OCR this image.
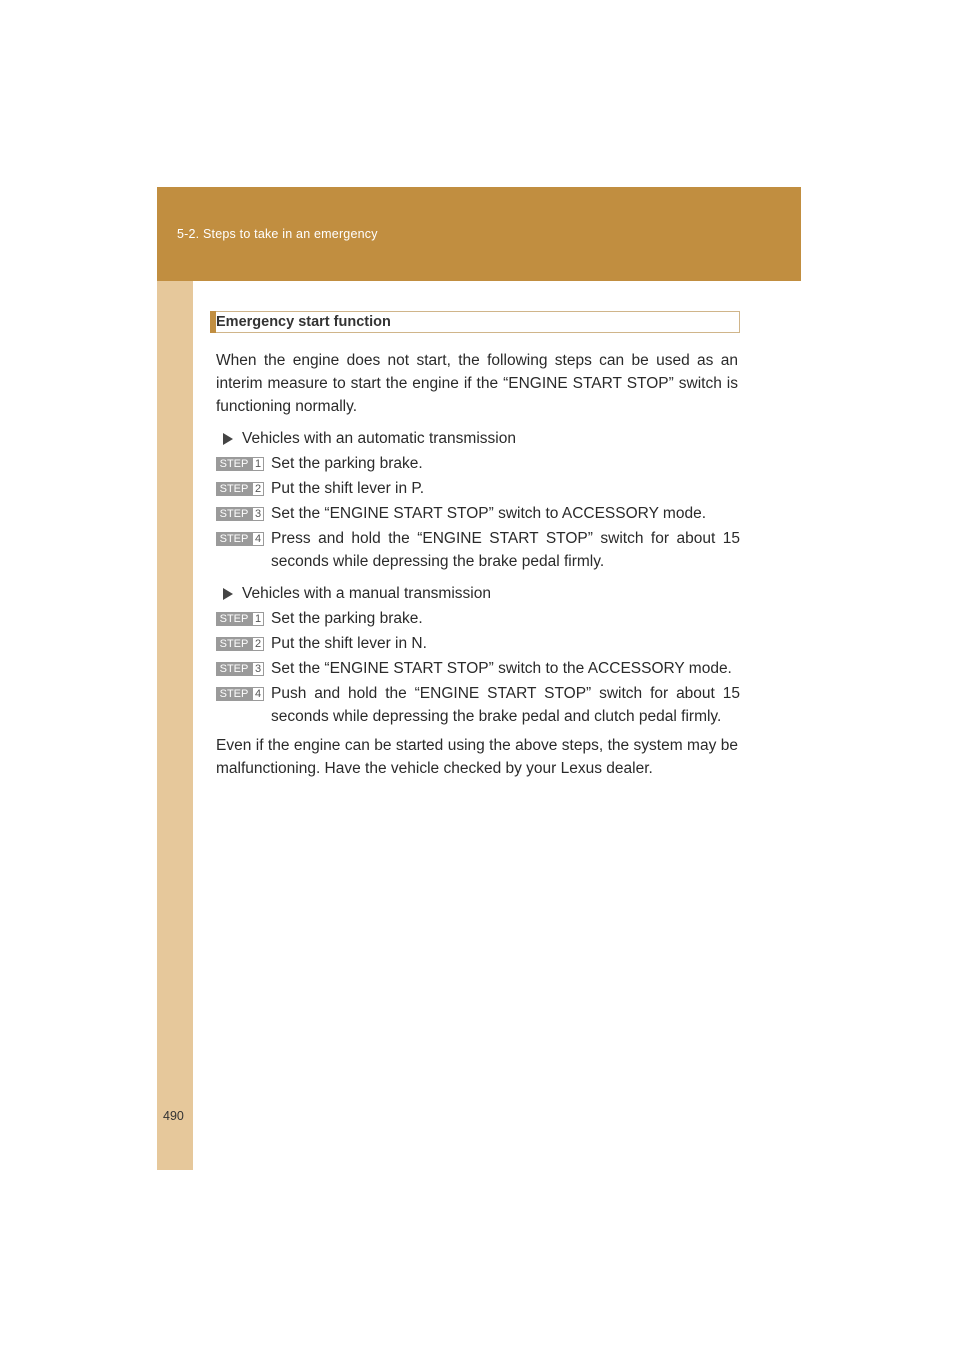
5-2. Steps to take in an emergency
490
Emergency start function

When the engine does not start, the following steps can be used as an interim measure to start the engine if the “ENGINE START STOP” switch is functioning normally.

Vehicles with an automatic transmission

STEP 1 Set the parking brake.
STEP 2 Put the shift lever in P.
STEP 3 Set the “ENGINE START STOP” switch to ACCESSORY mode.
STEP 4 Press and hold the “ENGINE START STOP” switch for about 15 seconds while depressing the brake pedal firmly.

Vehicles with a manual transmission

STEP 1 Set the parking brake.
STEP 2 Put the shift lever in N.
STEP 3 Set the “ENGINE START STOP” switch to the ACCESSORY mode.
STEP 4 Push and hold the “ENGINE START STOP” switch for about 15 seconds while depressing the brake pedal and clutch pedal firmly.

Even if the engine can be started using the above steps, the system may be malfunctioning. Have the vehicle checked by your Lexus dealer.
